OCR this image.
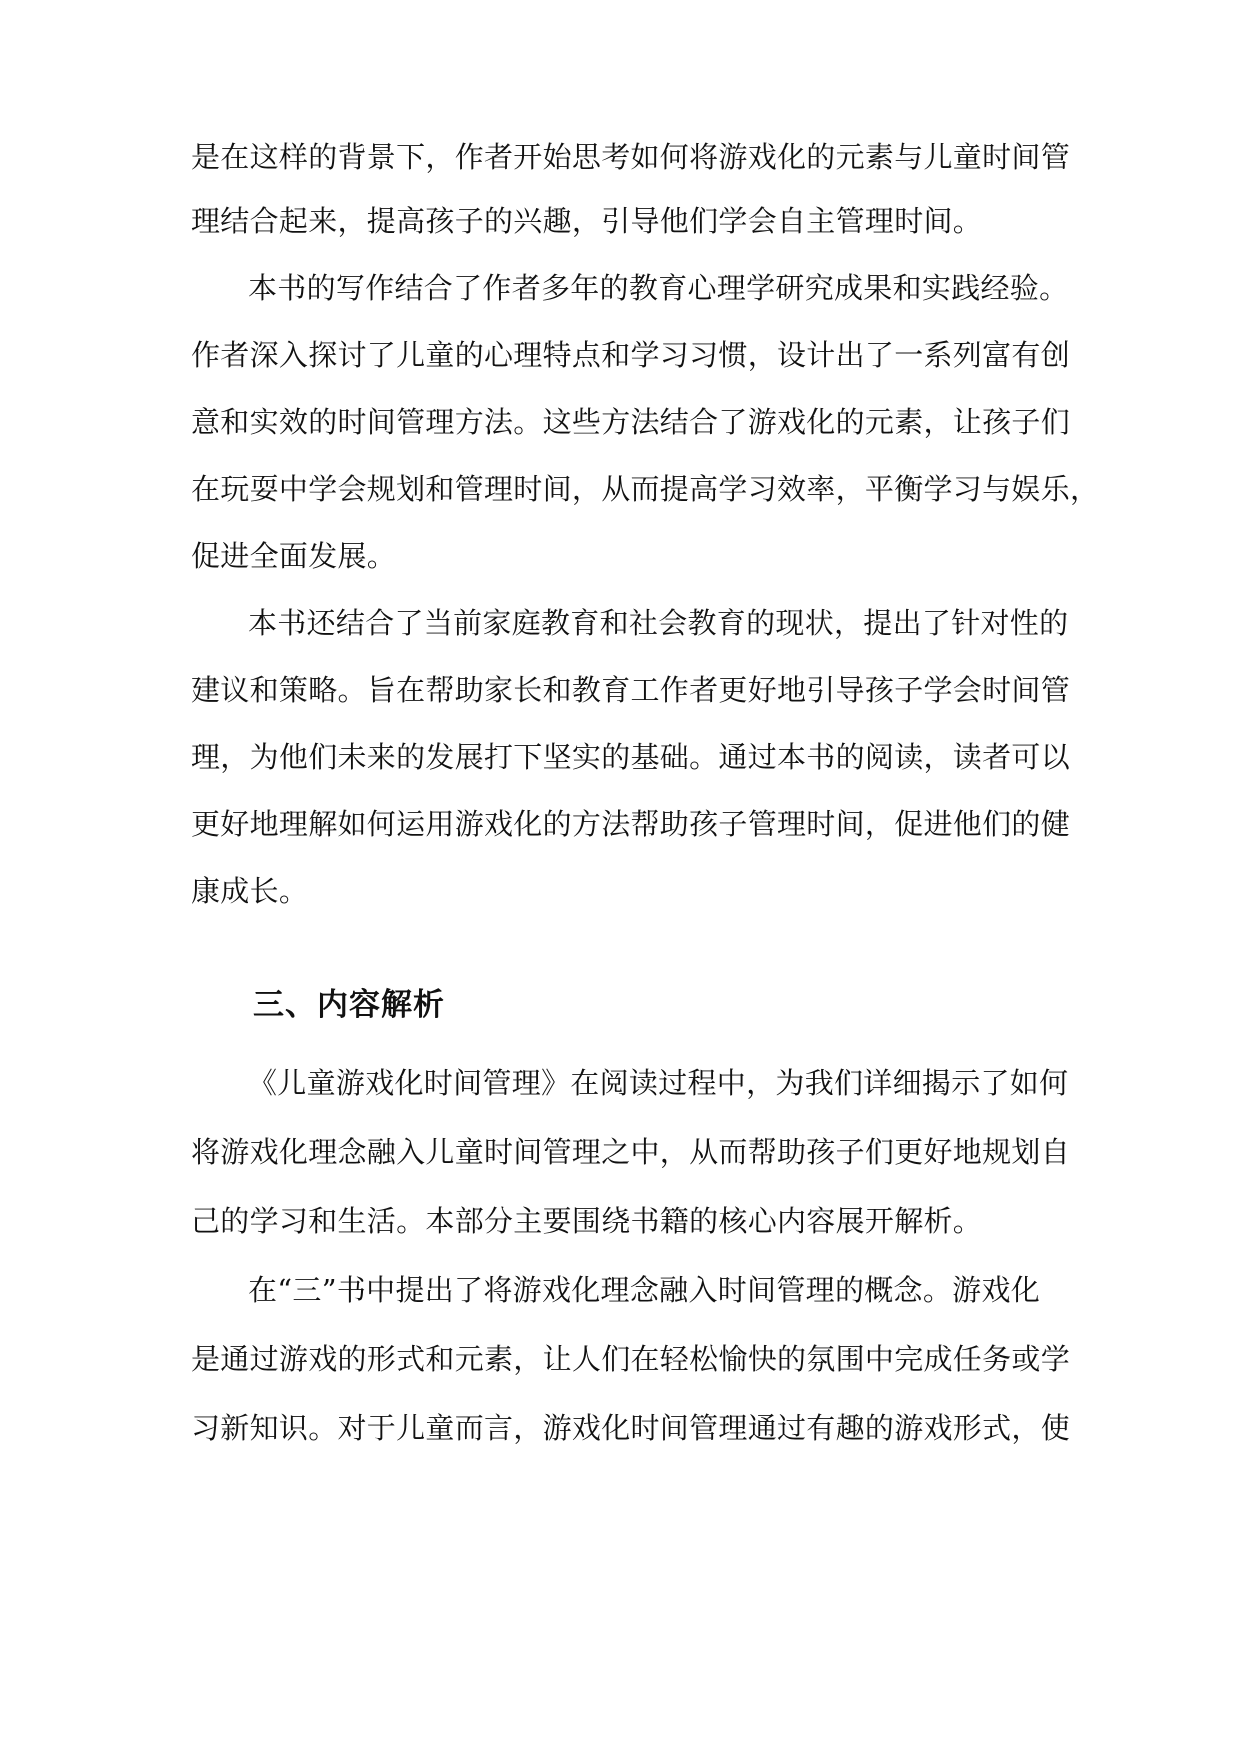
是在这样的背景下，作者开始思考如何将游戏化的元素与儿童时间管
理结合起来，提高孩子的兴趣，引导他们学会自主管理时间。
本书的写作结合了作者多年的教育心理学研究成果和实践经验。
作者深入探讨了儿童的心理特点和学习习惯，设计出了一系列富有创
意和实效的时间管理方法。这些方法结合了游戏化的元素，让孩子们
在玩耍中学会规划和管理时间，从而提高学习效率，平衡学习与娱乐，
促进全面发展。
本书还结合了当前家庭教育和社会教育的现状，提出了针对性的
建议和策略。旨在帮助家长和教育工作者更好地引导孩子学会时间管
理，为他们未来的发展打下坚实的基础。通过本书的阅读，读者可以
更好地理解如何运用游戏化的方法帮助孩子管理时间，促进他们的健
康成长。
三、内容解析
《儿童游戏化时间管理》在阅读过程中，为我们详细揭示了如何
将游戏化理念融入儿童时间管理之中，从而帮助孩子们更好地规划自
己的学习和生活。本部分主要围绕书籍的核心内容展开解析。
在“三”书中提出了将游戏化理念融入时间管理的概念。游戏化
是通过游戏的形式和元素，让人们在轻松愉快的氛围中完成任务或学
习新知识。对于儿童而言，游戏化时间管理通过有趣的游戏形式，使
